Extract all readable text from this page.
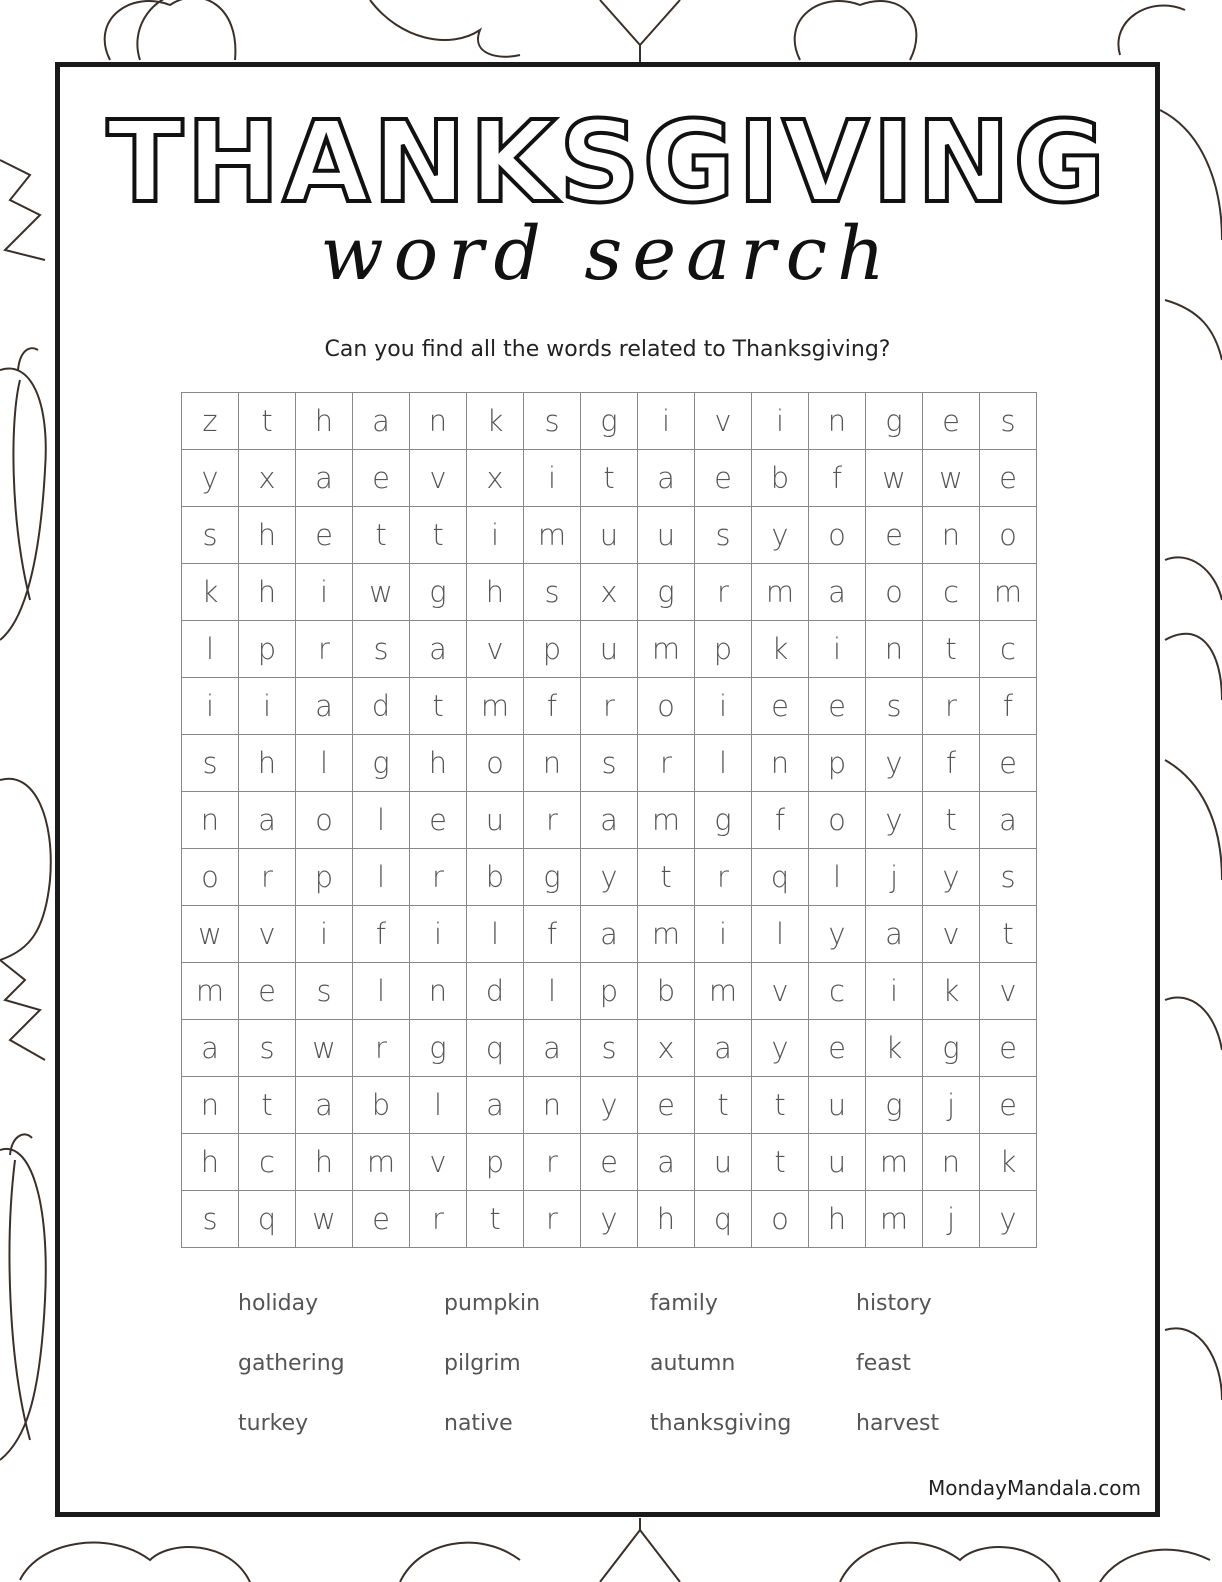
THANKSGIVING
word search
Can you find all the words related to Thanksgiving?
z	t	h	a	n	k	s	g	i	v	i	n	g	e	s
y	x	a	e	v	x	i	t	a	e	b	f	w	w	e
s	h	e	t	t	i	m	u	u	s	y	o	e	n	o
k	h	i	w	g	h	s	x	g	r	m	a	o	c	m
l	p	r	s	a	v	p	u	m	p	k	i	n	t	c
i	i	a	d	t	m	f	r	o	i	e	e	s	r	f
s	h	l	g	h	o	n	s	r	l	n	p	y	f	e
n	a	o	l	e	u	r	a	m	g	f	o	y	t	a
o	r	p	l	r	b	g	y	t	r	q	l	j	y	s
w	v	i	f	i	l	f	a	m	i	l	y	a	v	t
m	e	s	l	n	d	l	p	b	m	v	c	i	k	v
a	s	w	r	g	q	a	s	x	a	y	e	k	g	e
n	t	a	b	l	a	n	y	e	t	t	u	g	j	e
h	c	h	m	v	p	r	e	a	u	t	u	m	n	k
s	q	w	e	r	t	r	y	h	q	o	h	m	j	y
holiday	pumpkin	family	history
gathering	pilgrim	autumn	feast
turkey	native	thanksgiving	harvest
MondayMandala.com
